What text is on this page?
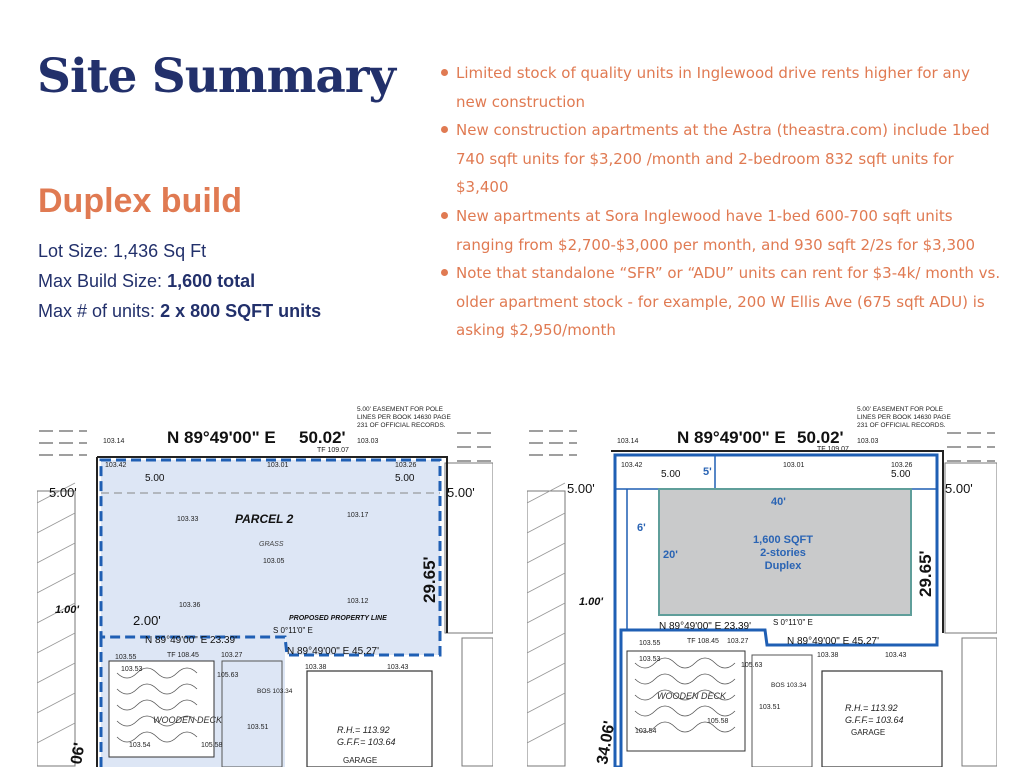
Site Summary
Duplex build
Lot Size: 1,436 Sq Ft
Max Build Size: 1,600 total
Max # of units: 2 x 800 SQFT units
Limited stock of quality units in Inglewood drive rents higher for any new construction
New construction apartments at the Astra (theastra.com) include 1bed 740 sqft units for $3,200 /month and 2-bedroom 832 sqft units for $3,400
New apartments at Sora Inglewood have 1-bed 600-700 sqft units ranging from $2,700-$3,000 per month, and 930 sqft 2/2s for $3,300
Note that standalone “SFR” or “ADU” units can rent for $3-4k/ month vs. older apartment stock - for example, 200 W Ellis Ave (675 sqft ADU) is asking $2,950/month
5.00' EASEMENT FOR POLE
LINES PER BOOK 14630 PAGE
231 OF OFFICIAL RECORDS.
N 89°49'00" E 50.02'
103.14
TF 109.07
103.03
103.42	103.01	103.26
5.00'	5.00'
5.00	5.00
PARCEL 2
GRASS
103.33
103.17
103.05
103.36
103.12	29.65'
2.00'
1.00'
N 89°49'00" E 23.39'
PROPOSED PROPERTY LINE
S 0°11'0" E
N 89°49'00" E 45.27'
103.38	103.43
103.55	TF 108.45	103.27
103.53
105.63
BOS 103.34
WOODEN DECK
103.51
103.54	105.58
R.H.= 113.92
G.F.F.= 103.64
GARAGE
06'
1,600 SQFT
2-stories
Duplex
40'
20'
6'
5'
5.00' EASEMENT FOR POLE
LINES PER BOOK 14630 PAGE
231 OF OFFICIAL RECORDS.
N 89°49'00" E 50.02'
103.14
TF 109.07
103.03
103.42	103.01	103.26
5.00'	5.00'
5.00	5.00
29.65'
1.00'
N 89°49'00" E 23.39'	S 0°11'0" E
N 89°49'00" E 45.27'
103.38	103.43
103.55	TF 108.45 103.27
103.53
105.63
BOS 103.34
WOODEN DECK
103.51
103.54
105.58
R.H.= 113.92
G.F.F.= 103.64
GARAGE
34.06'
